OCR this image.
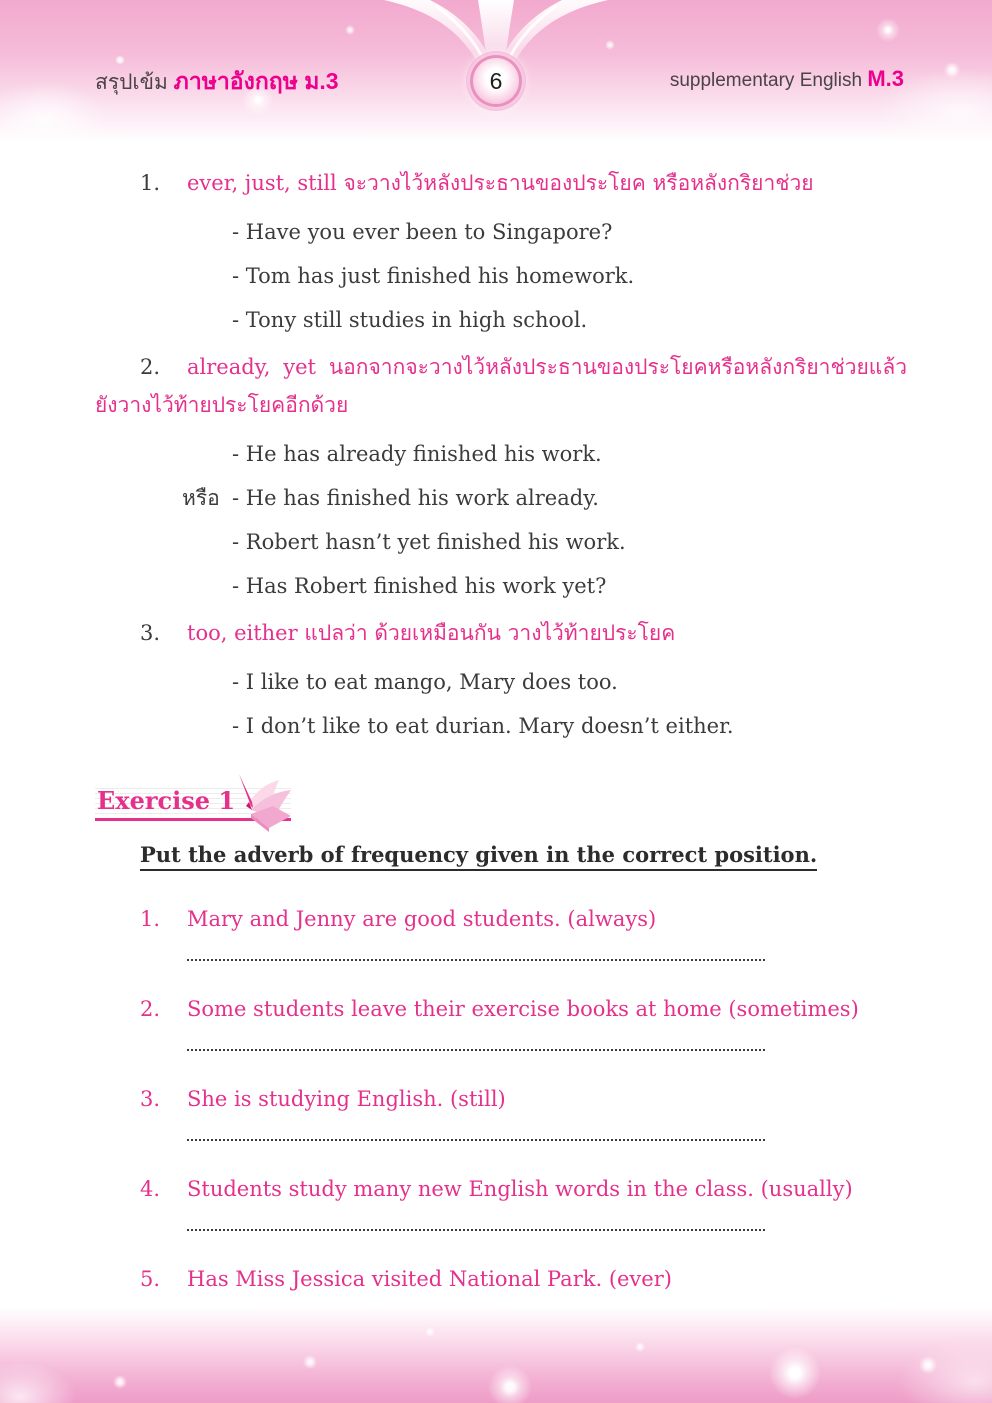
สรุปเข้ม ภาษาอังกฤษ ม.3	6	supplementary English M.3

1. ever, just, still จะวางไว้หลังประธานของประโยค หรือหลังกริยาช่วย

- Have you ever been to Singapore?

- Tom has just finished his homework.

- Tony still studies in high school.

2. already, yet นอกจากจะวางไว้หลังประธานของประโยคหรือหลังกริยาช่วยแล้ว ยังวางไว้ท้ายประโยคอีกด้วย

- He has already finished his work.

หรือ - He has finished his work already.

- Robert hasn’t yet finished his work.

- Has Robert finished his work yet?

3. too, either แปลว่า ด้วยเหมือนกัน วางไว้ท้ายประโยค

- I like to eat mango, Mary does too.

- I don’t like to eat durian. Mary doesn’t either.

Exercise 1

Put the adverb of frequency given in the correct position.

1. Mary and Jenny are good students. (always)

2. Some students leave their exercise books at home (sometimes)

3. She is studying English. (still)

4. Students study many new English words in the class. (usually)

5. Has Miss Jessica visited National Park. (ever)
